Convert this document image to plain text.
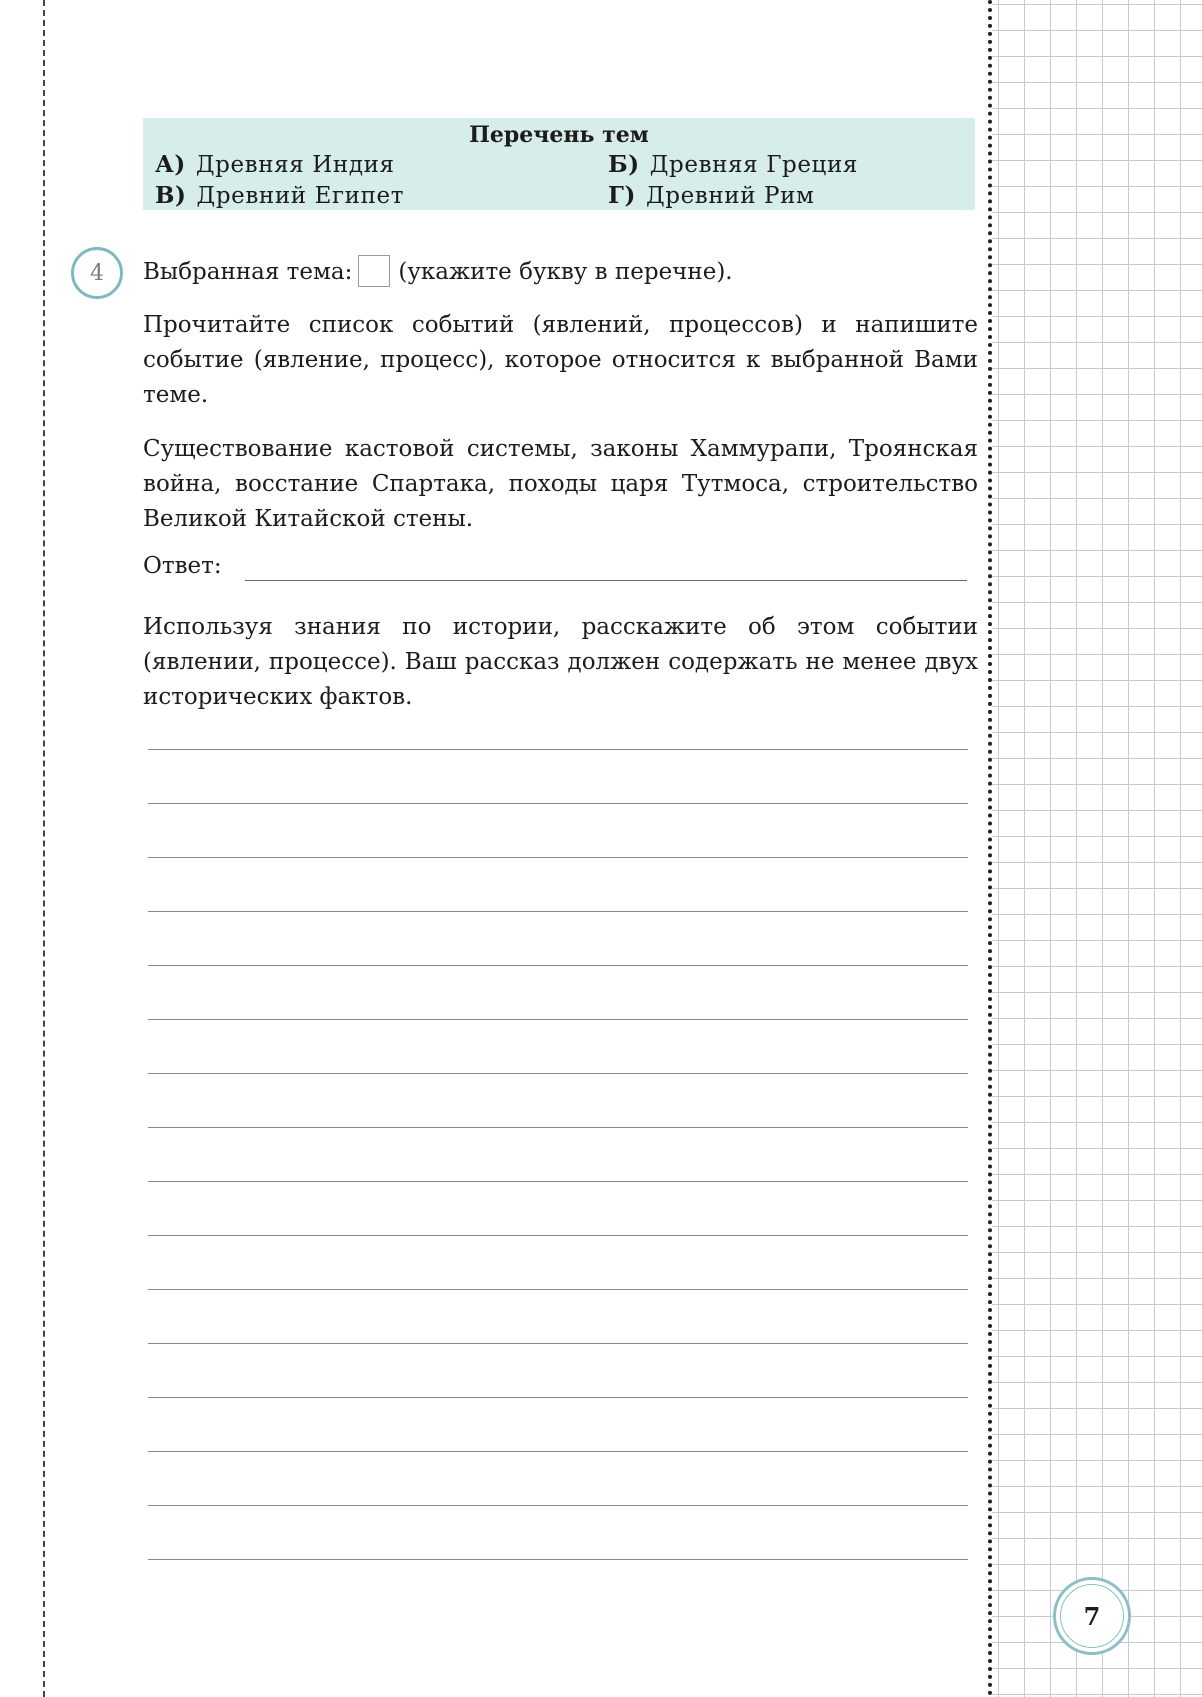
Перечень тем
А) Древняя Индия	Б) Древняя Греция
В) Древний Египет	Г) Древний Рим
4	Выбранная тема: (укажите букву в перечне).

Прочитайте список событий (явлений, процессов) и напишите событие (явление, процесс), которое относится к выбранной Вами теме.

Существование кастовой системы, законы Хаммурапи, Троянская война, восстание Спартака, походы царя Тутмоса, строительство Великой Китайской стены.

Ответ:

Используя знания по истории, расскажите об этом событии (явлении, процессе). Ваш рассказ должен содержать не менее двух исторических фактов.

7
